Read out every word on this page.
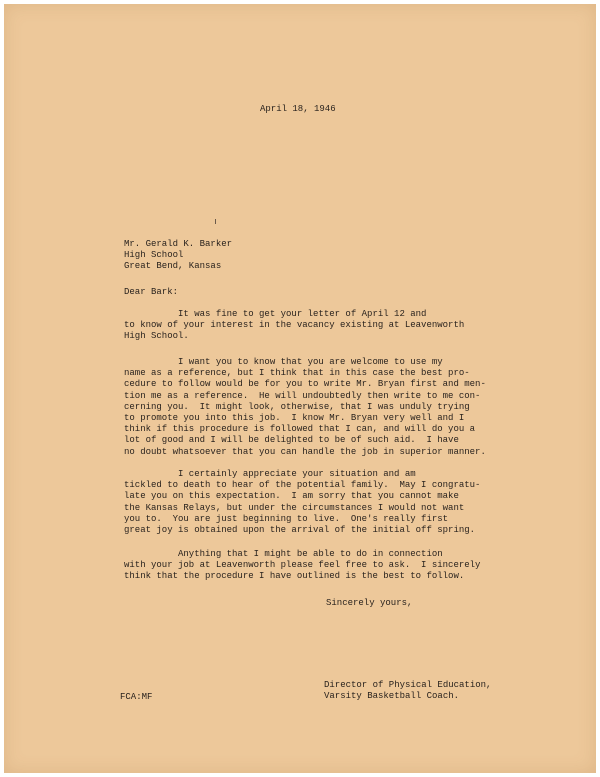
April 18, 1946
Mr. Gerald K. Barker
High School
Great Bend, Kansas
Dear Bark:
It was fine to get your letter of April 12 and
to know of your interest in the vacancy existing at Leavenworth
High School.
I want you to know that you are welcome to use my
name as a reference, but I think that in this case the best pro-
cedure to follow would be for you to write Mr. Bryan first and men-
tion me as a reference.  He will undoubtedly then write to me con-
cerning you.  It might look, otherwise, that I was unduly trying
to promote you into this job.  I know Mr. Bryan very well and I
think if this procedure is followed that I can, and will do you a
lot of good and I will be delighted to be of such aid.  I have
no doubt whatsoever that you can handle the job in superior manner.
I certainly appreciate your situation and am
tickled to death to hear of the potential family.  May I congratu-
late you on this expectation.  I am sorry that you cannot make
the Kansas Relays, but under the circumstances I would not want
you to.  You are just beginning to live.  One's really first
great joy is obtained upon the arrival of the initial off spring.
Anything that I might be able to do in connection
with your job at Leavenworth please feel free to ask.  I sincerely
think that the procedure I have outlined is the best to follow.
Sincerely yours,
Director of Physical Education,
Varsity Basketball Coach.
FCA:MF
